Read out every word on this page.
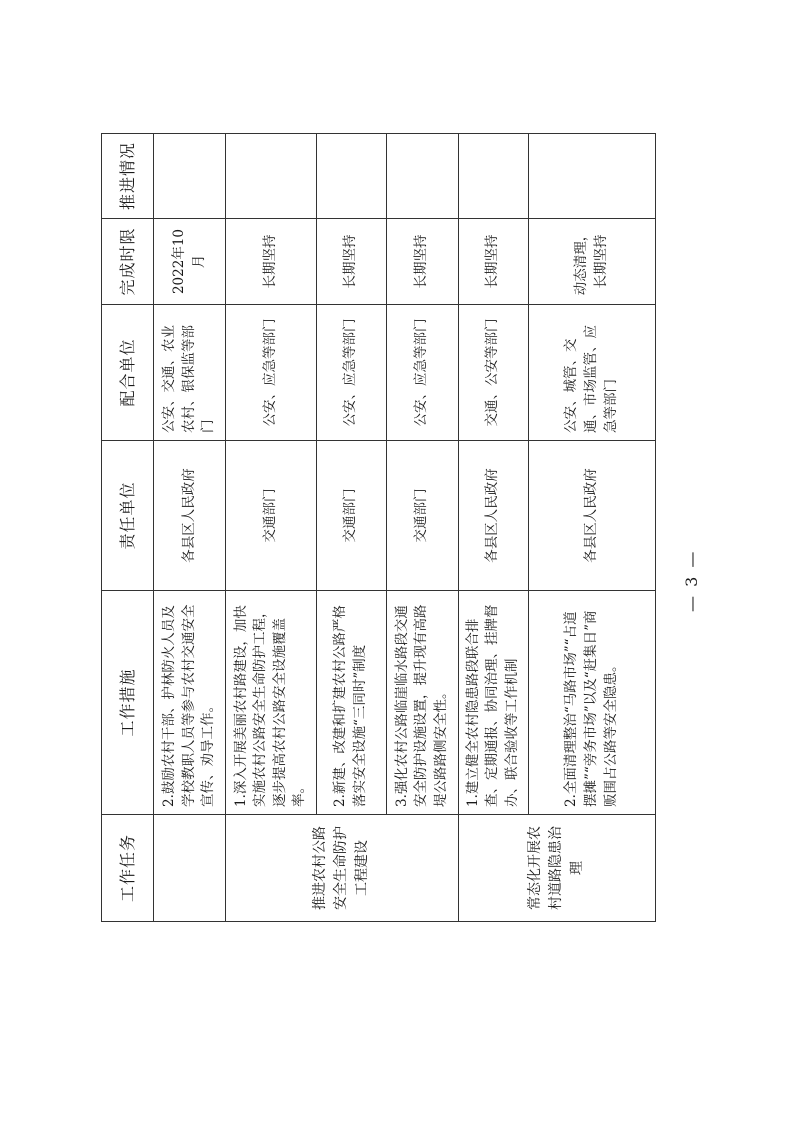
工作任务	工作措施	责任单位	配合单位	完成时限	推进情况
	2.鼓励农村干部、护林防火人员及学校教职人员等参与农村交通安全宣传、劝导工作。	各县区人民政府	公安、交通、农业农村、银保监等部门	2022年10月	
推进农村公路安全生命防护工程建设	1.深入开展美丽农村路建设，加快实施农村公路安全生命防护工程，逐步提高农村公路安全设施覆盖率。	交通部门	公安、应急等部门	长期坚持	
	2.新建、改建和扩建农村公路严格落实安全设施“三同时”制度	交通部门	公安、应急等部门	长期坚持	
	3.强化农村公路临崖临水路段交通安全防护设施设置，提升现有高路堤公路路侧安全性。	交通部门	公安、应急等部门	长期坚持	
常态化开展农村道路隐患治理	1.建立健全农村隐患路段联合排查、定期通报、协同治理、挂牌督办、联合验收等工作机制	各县区人民政府	交通、公安等部门	长期坚持	
	2.全面清理整治“马路市场”“占道摆摊”“旁务市场”以及“赶集日”商贩围占公路等安全隐患。	各县区人民政府	公安、城管、交通、市场监管、应急等部门	动态清理，长期坚持	
— 3 —
